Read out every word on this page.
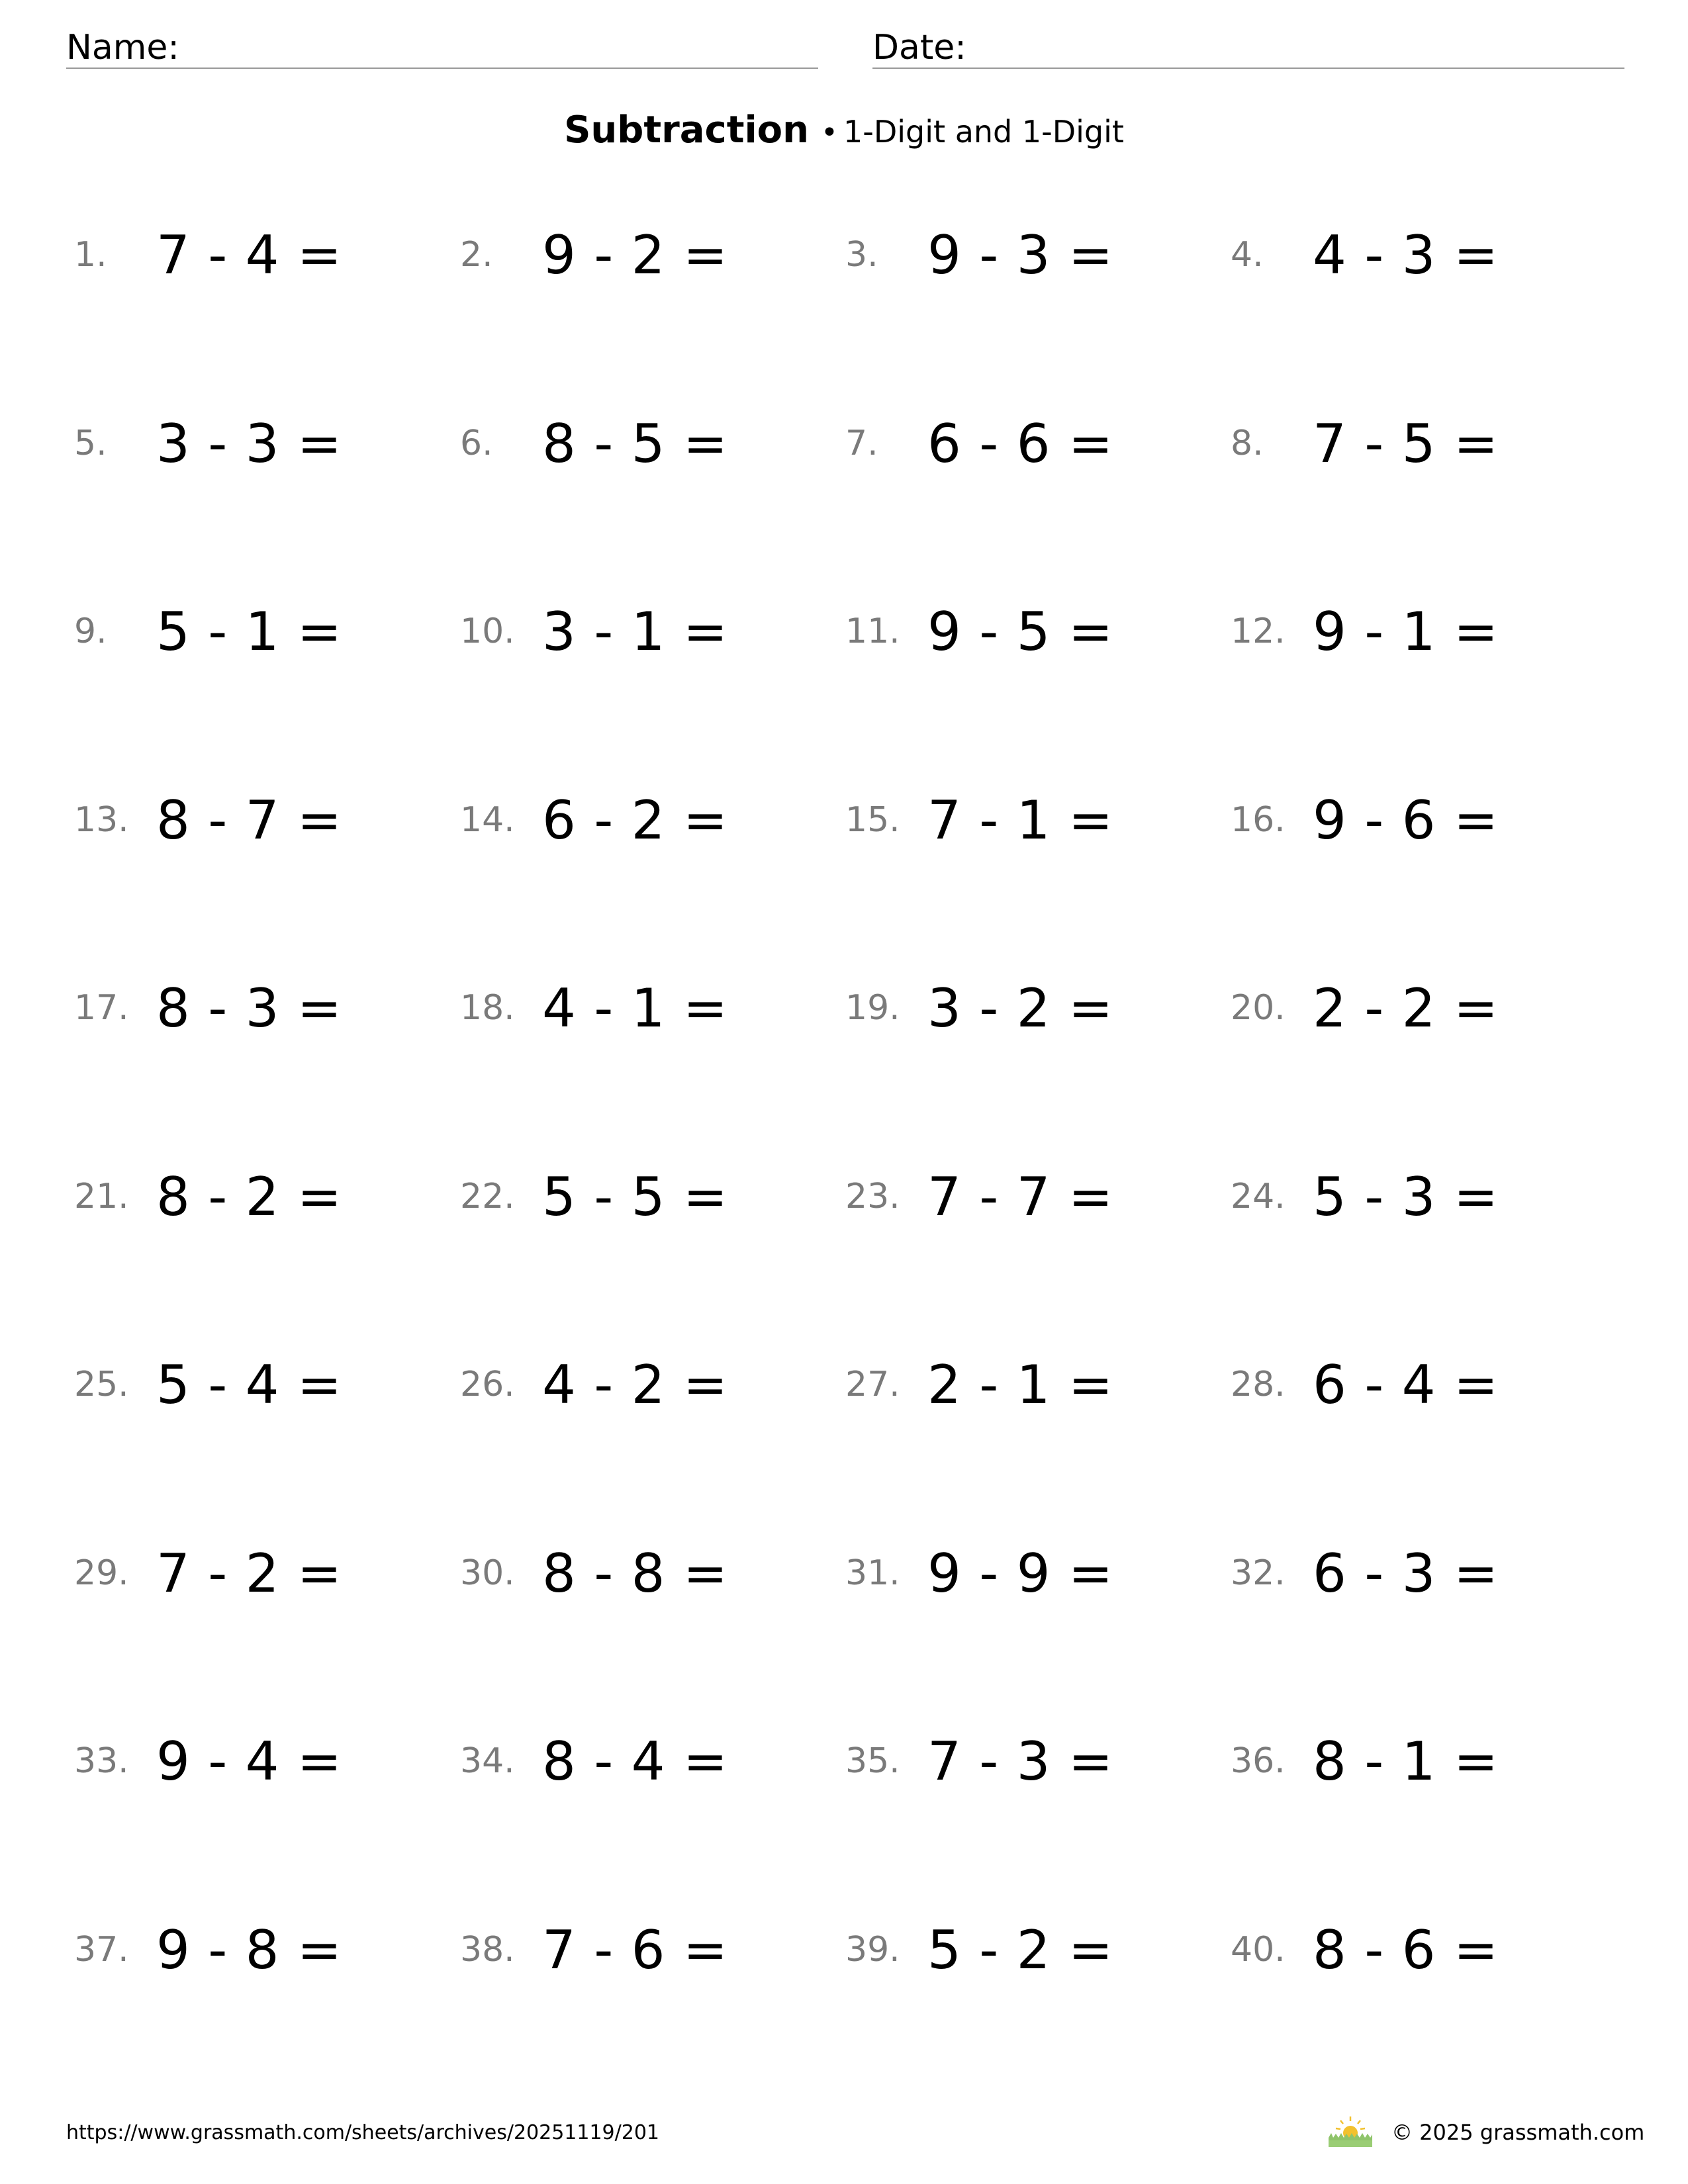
Name:	Date:
Subtraction • 1-Digit and 1-Digit
1. 7 - 4 =	2. 9 - 2 =	3. 9 - 3 =	4. 4 - 3 =
5. 3 - 3 =	6. 8 - 5 =	7. 6 - 6 =	8. 7 - 5 =
9. 5 - 1 =	10. 3 - 1 =	11. 9 - 5 =	12. 9 - 1 =
13. 8 - 7 =	14. 6 - 2 =	15. 7 - 1 =	16. 9 - 6 =
17. 8 - 3 =	18. 4 - 1 =	19. 3 - 2 =	20. 2 - 2 =
21. 8 - 2 =	22. 5 - 5 =	23. 7 - 7 =	24. 5 - 3 =
25. 5 - 4 =	26. 4 - 2 =	27. 2 - 1 =	28. 6 - 4 =
29. 7 - 2 =	30. 8 - 8 =	31. 9 - 9 =	32. 6 - 3 =
33. 9 - 4 =	34. 8 - 4 =	35. 7 - 3 =	36. 8 - 1 =
37. 9 - 8 =	38. 7 - 6 =	39. 5 - 2 =	40. 8 - 6 =
https://www.grassmath.com/sheets/archives/20251119/201	© 2025 grassmath.com
